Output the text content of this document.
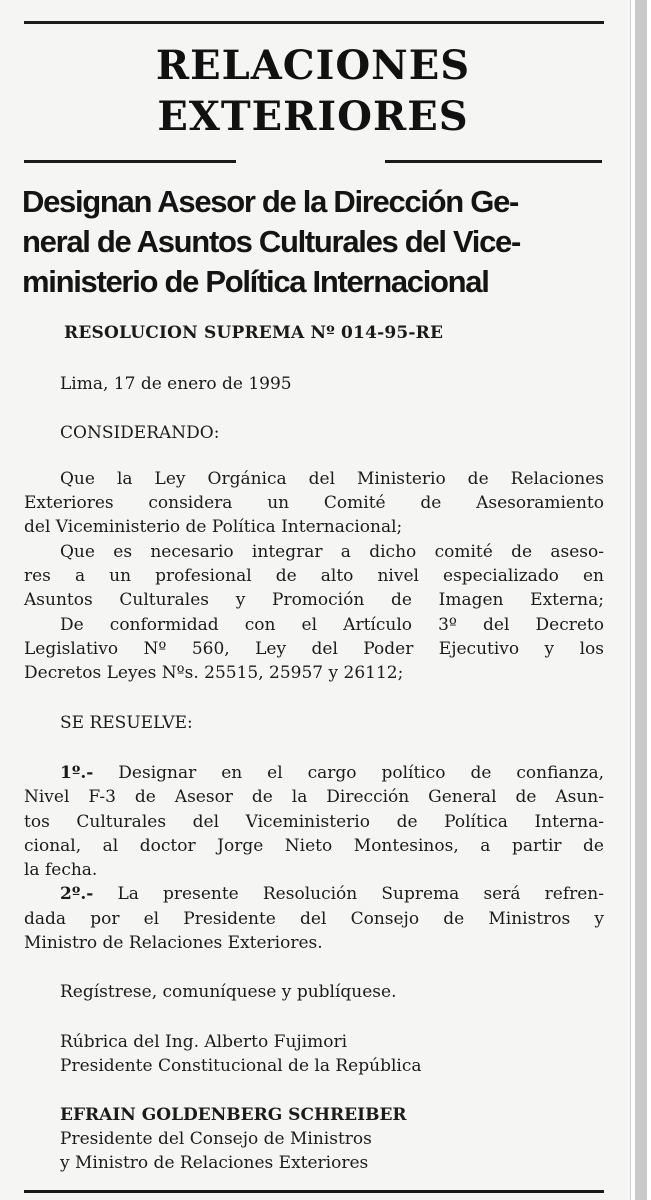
RELACIONES
EXTERIORES
Designan Asesor de la Dirección Ge-
neral de Asuntos Culturales del Vice-
ministerio de Política Internacional
RESOLUCION SUPREMA Nº 014-95-RE
Lima, 17 de enero de 1995
CONSIDERANDO:
Que la Ley Orgánica del Ministerio de Relaciones
Exteriores considera un Comité de Asesoramiento
del Viceministerio de Política Internacional;
Que es necesario integrar a dicho comité de aseso-
res a un profesional de alto nivel especializado en
Asuntos Culturales y Promoción de Imagen Externa;
De conformidad con el Artículo 3º del Decreto
Legislativo Nº 560, Ley del Poder Ejecutivo y los
Decretos Leyes Nºs. 25515, 25957 y 26112;
SE RESUELVE:
1º.- Designar en el cargo político de confianza,
Nivel F-3 de Asesor de la Dirección General de Asun-
tos Culturales del Viceministerio de Política Interna-
cional, al doctor Jorge Nieto Montesinos, a partir de
la fecha.
2º.- La presente Resolución Suprema será refren-
dada por el Presidente del Consejo de Ministros y
Ministro de Relaciones Exteriores.
Regístrese, comuníquese y publíquese.
Rúbrica del Ing. Alberto Fujimori
Presidente Constitucional de la República
EFRAIN GOLDENBERG SCHREIBER
Presidente del Consejo de Ministros
y Ministro de Relaciones Exteriores
